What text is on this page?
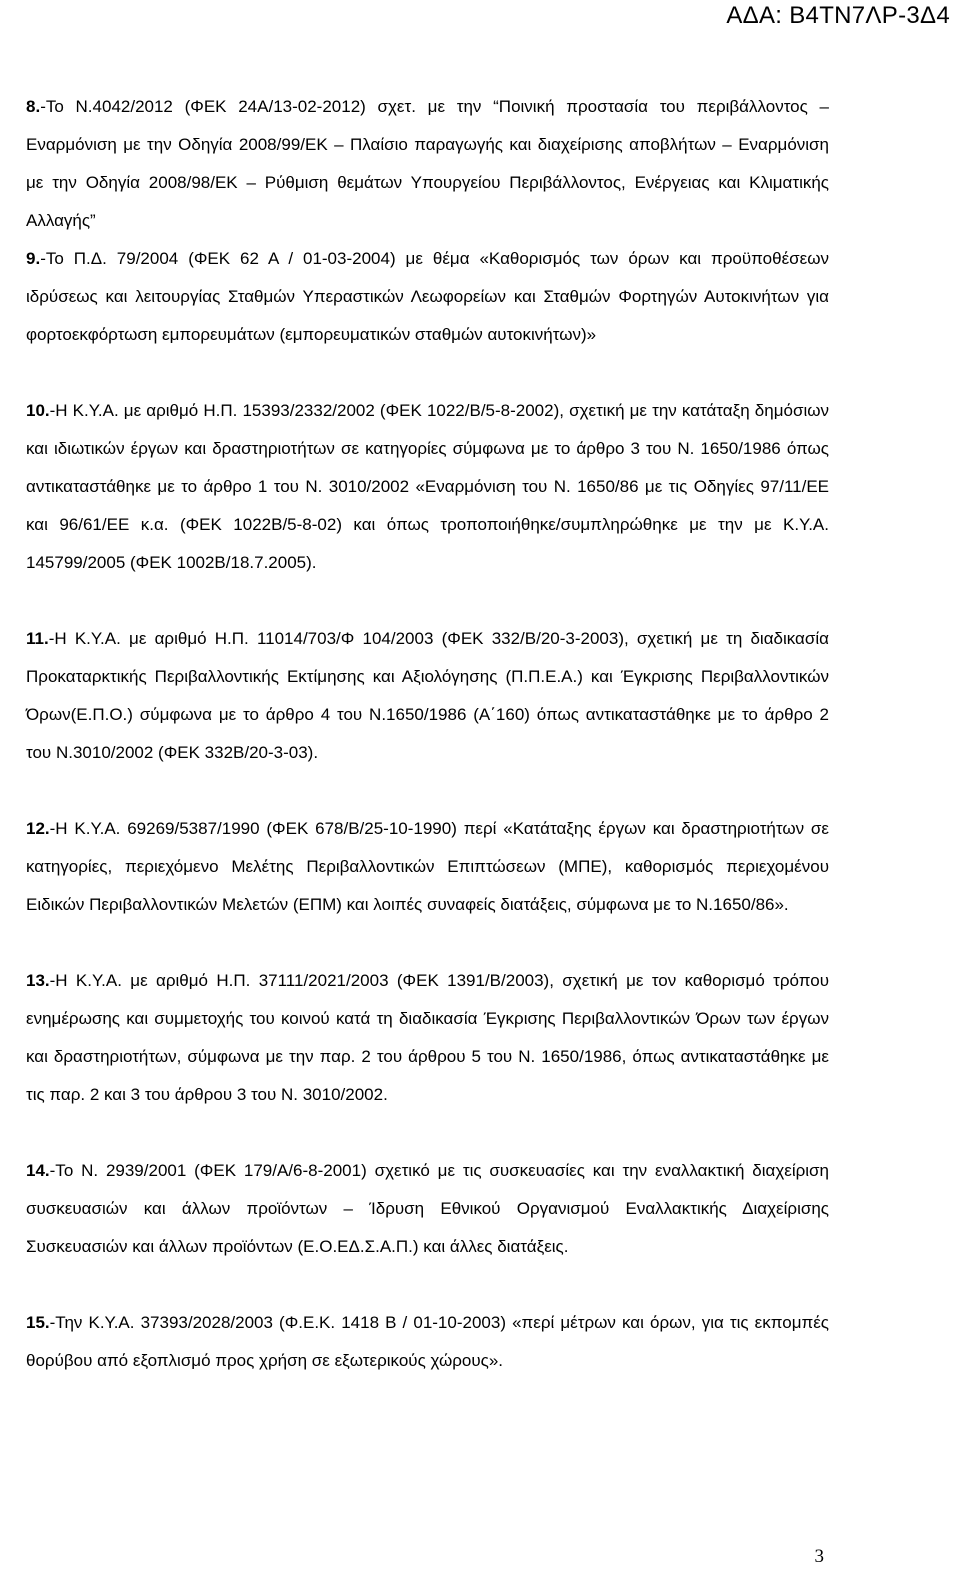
ΑΔΑ: Β4ΤΝ7ΛΡ-3Δ4
8.-Το Ν.4042/2012 (ΦΕΚ 24Α/13-02-2012) σχετ. με την “Ποινική προστασία του περιβάλλοντος – Εναρμόνιση με την Οδηγία 2008/99/ΕΚ – Πλαίσιο παραγωγής και διαχείρισης αποβλήτων – Εναρμόνιση με την Οδηγία 2008/98/ΕΚ – Ρύθμιση θεμάτων Υπουργείου Περιβάλλοντος, Ενέργειας και Κλιματικής Αλλαγής”
9.-Το Π.Δ. 79/2004 (ΦΕΚ 62 Α / 01-03-2004) με θέμα «Καθορισμός των όρων και προϋποθέσεων ιδρύσεως και λειτουργίας Σταθμών Υπεραστικών Λεωφορείων και Σταθμών Φορτηγών Αυτοκινήτων για φορτοεκφόρτωση εμπορευμάτων (εμπορευματικών σταθμών αυτοκινήτων)»
10.-Η Κ.Υ.Α. με αριθμό Η.Π. 15393/2332/2002 (ΦΕΚ 1022/Β/5-8-2002), σχετική με την κατάταξη δημόσιων και ιδιωτικών έργων και δραστηριοτήτων σε κατηγορίες σύμφωνα με το άρθρο 3 του Ν. 1650/1986 όπως αντικαταστάθηκε με το άρθρο 1 του Ν. 3010/2002 «Εναρμόνιση του Ν. 1650/86 με τις Οδηγίες 97/11/ΕΕ και 96/61/ΕΕ κ.α. (ΦΕΚ 1022Β/5-8-02) και όπως τροποποιήθηκε/συμπληρώθηκε με την με Κ.Υ.Α. 145799/2005 (ΦΕΚ 1002Β/18.7.2005).
11.-Η Κ.Υ.Α. με αριθμό Η.Π. 11014/703/Φ 104/2003 (ΦΕΚ 332/Β/20-3-2003), σχετική με τη διαδικασία Προκαταρκτικής Περιβαλλοντικής Εκτίμησης και Αξιολόγησης (Π.Π.Ε.Α.) και Έγκρισης Περιβαλλοντικών Όρων(Ε.Π.Ο.) σύμφωνα με το άρθρο 4 του Ν.1650/1986 (Α΄160) όπως αντικαταστάθηκε με το άρθρο 2 του Ν.3010/2002 (ΦΕΚ 332Β/20-3-03).
12.-Η Κ.Υ.Α. 69269/5387/1990 (ΦΕΚ 678/Β/25-10-1990) περί «Κατάταξης έργων και δραστηριοτήτων σε κατηγορίες, περιεχόμενο Μελέτης Περιβαλλοντικών Επιπτώσεων (ΜΠΕ), καθορισμός περιεχομένου Ειδικών Περιβαλλοντικών Μελετών (ΕΠΜ) και λοιπές συναφείς διατάξεις, σύμφωνα με το Ν.1650/86».
13.-Η Κ.Υ.Α. με αριθμό Η.Π. 37111/2021/2003 (ΦΕΚ 1391/Β/2003), σχετική με τον καθορισμό τρόπου ενημέρωσης και συμμετοχής του κοινού κατά τη διαδικασία Έγκρισης Περιβαλλοντικών Όρων των έργων και δραστηριοτήτων, σύμφωνα με την παρ. 2 του άρθρου 5 του Ν. 1650/1986, όπως αντικαταστάθηκε με τις παρ. 2 και 3 του άρθρου 3 του Ν. 3010/2002.
14.-Το Ν. 2939/2001 (ΦΕΚ 179/Α/6-8-2001) σχετικό με τις συσκευασίες και την εναλλακτική διαχείριση συσκευασιών και άλλων προϊόντων – Ίδρυση Εθνικού Οργανισμού Εναλλακτικής Διαχείρισης Συσκευασιών και άλλων προϊόντων (Ε.Ο.ΕΔ.Σ.Α.Π.) και άλλες διατάξεις.
15.-Την Κ.Υ.Α. 37393/2028/2003 (Φ.Ε.Κ. 1418 Β / 01-10-2003) «περί μέτρων και όρων, για τις εκπομπές θορύβου από εξοπλισμό προς χρήση σε εξωτερικούς χώρους».
3
